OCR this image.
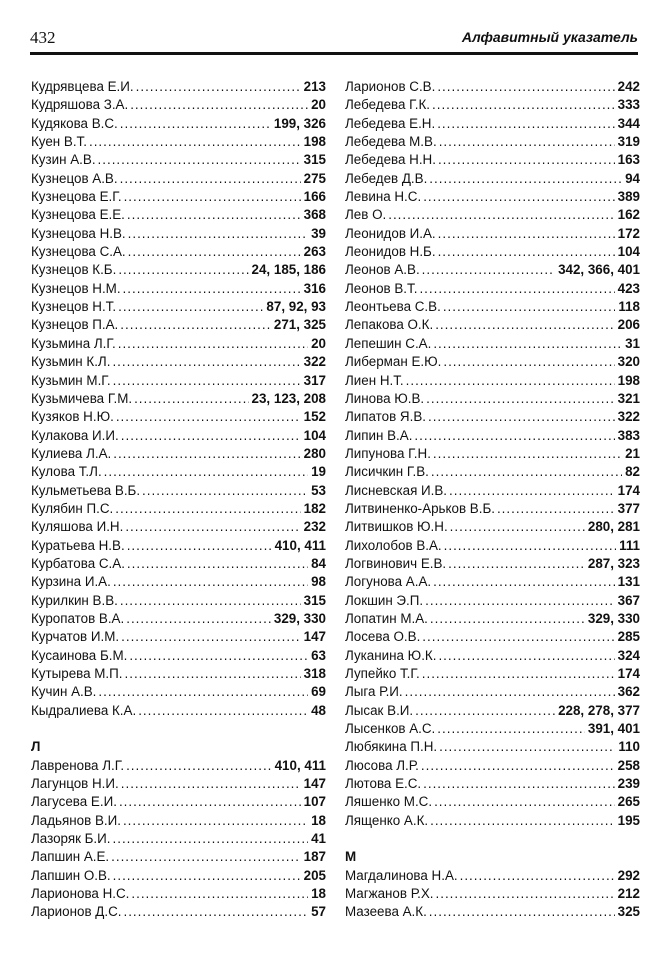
432	Алфавитный указатель
Кудрявцева Е.И. .....	213
Кудряшова З.А. .....	20
Кудякова В.С. .....	199, 326
Куен В.Т. .....	198
Кузин А.В. .....	315
Кузнецов А.В. .....	275
Кузнецова Е.Г. .....	166
Кузнецова Е.Е. .....	368
Кузнецова Н.В. .....	39
Кузнецова С.А. .....	263
Кузнецов К.Б. .....	24, 185, 186
Кузнецов Н.М. .....	316
Кузнецов Н.Т. .....	87, 92, 93
Кузнецов П.А. .....	271, 325
Кузьмина Л.Г. .....	20
Кузьмин К.Л. .....	322
Кузьмин М.Г. .....	317
Кузьмичева Г.М. .....	23, 123, 208
Кузяков Н.Ю. .....	152
Кулакова И.И. .....	104
Кулиева Л.А. .....	280
Кулова Т.Л. .....	19
Кульметьева В.Б. .....	53
Кулябин П.С. .....	182
Куляшова И.Н. .....	232
Куратьева Н.В. .....	410, 411
Курбатова С.А. .....	84
Курзина И.А. .....	98
Курилкин В.В. .....	315
Куропатов В.А. .....	329, 330
Курчатов И.М. .....	147
Кусаинова Б.М. .....	63
Кутырева М.П. .....	318
Кучин А.В. .....	69
Кыдралиева К.А. .....	48
Л
Лавренова Л.Г. .....	410, 411
Лагунцов Н.И. .....	147
Лагусева Е.И. .....	107
Ладьянов В.И. .....	18
Лазоряк Б.И. .....	41
Лапшин А.Е. .....	187
Лапшин О.В. .....	205
Ларионова Н.С. .....	18
Ларионов Д.С. .....	57
Ларионов С.В. .....	242
Лебедева Г.К. .....	333
Лебедева Е.Н. .....	344
Лебедева М.В. .....	319
Лебедева Н.Н. .....	163
Лебедев Д.В. .....	94
Левина Н.С. .....	389
Лев О. .....	162
Леонидов И.А. .....	172
Леонидов Н.Б. .....	104
Леонов А.В. .....	342, 366, 401
Леонов В.Т. .....	423
Леонтьева С.В. .....	118
Лепакова О.К. .....	206
Лепешин С.А. .....	31
Либерман Е.Ю. .....	320
Лиен Н.Т. .....	198
Линова Ю.В. .....	321
Липатов Я.В. .....	322
Липин В.А. .....	383
Липунова Г.Н. .....	21
Лисичкин Г.В. .....	82
Лисневская И.В. .....	174
Литвиненко-Арьков В.Б. .....	377
Литвишков Ю.Н. .....	280, 281
Лихолобов В.А. .....	111
Логвинович Е.В. .....	287, 323
Логунова А.А. .....	131
Локшин Э.П. .....	367
Лопатин М.А. .....	329, 330
Лосева О.В. .....	285
Луканина Ю.К. .....	324
Лупейко Т.Г. .....	174
Лыга Р.И. .....	362
Лысак В.И. .....	228, 278, 377
Лысенков А.С. .....	391, 401
Любякина П.Н. .....	110
Люсова Л.Р. .....	258
Лютова Е.С. .....	239
Ляшенко М.С. .....	265
Лященко А.К. .....	195
М
Магдалинова Н.А. .....	292
Магжанов Р.Х. .....	212
Мазеева А.К. .....	325
